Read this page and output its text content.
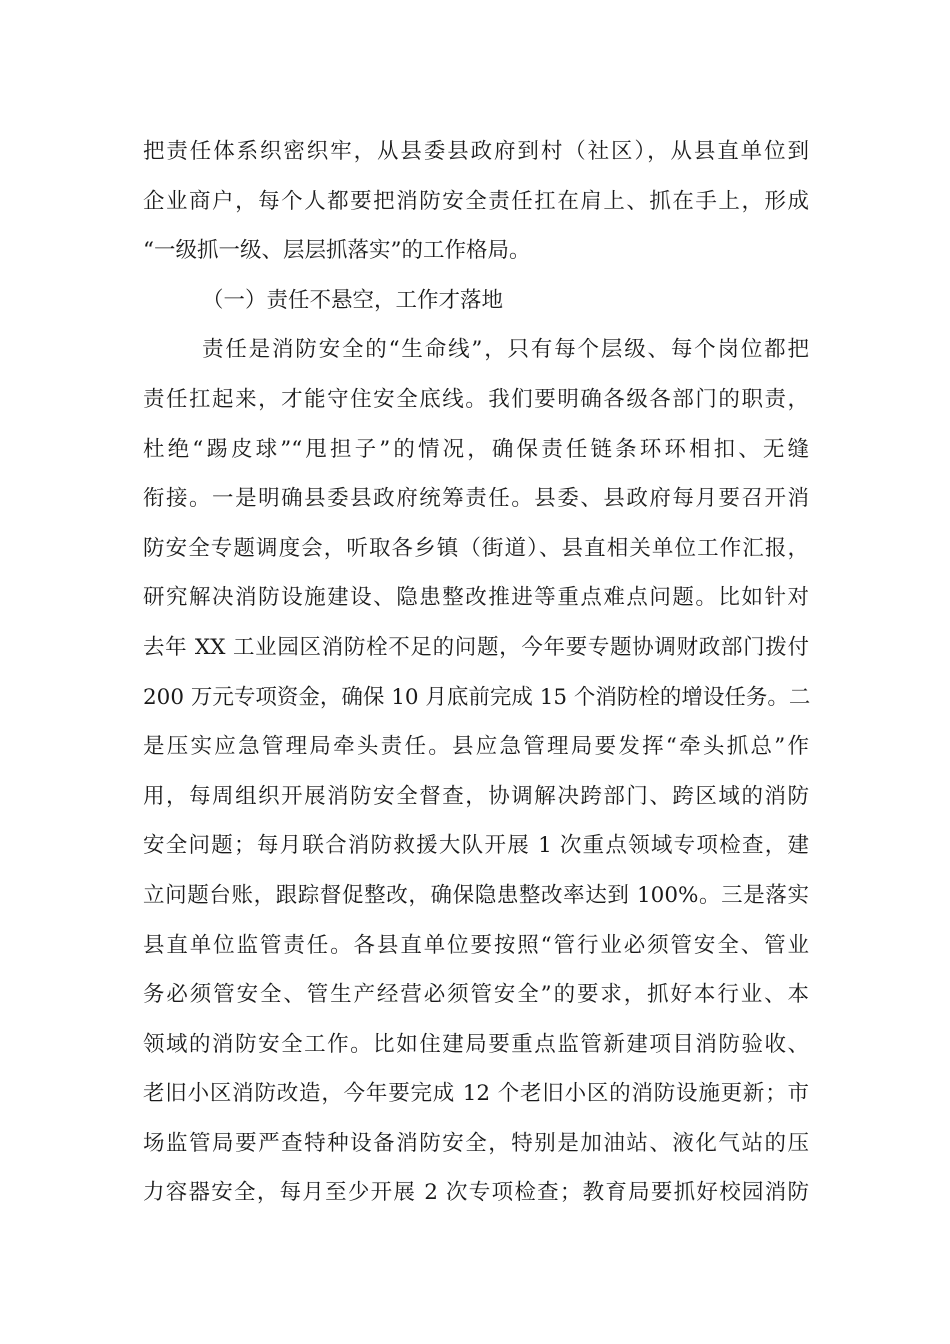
把责任体系织密织牢，从县委县政府到村（社区），从县直单位到
企业商户，每个人都要把消防安全责任扛在肩上、抓在手上，形成
“一级抓一级、层层抓落实”的工作格局。
（一）责任不悬空，工作才落地
责任是消防安全的“生命线”，只有每个层级、每个岗位都把
责任扛起来，才能守住安全底线。我们要明确各级各部门的职责，
杜绝“踢皮球”“甩担子”的情况，确保责任链条环环相扣、无缝
衔接。一是明确县委县政府统筹责任。县委、县政府每月要召开消
防安全专题调度会，听取各乡镇（街道）、县直相关单位工作汇报，
研究解决消防设施建设、隐患整改推进等重点难点问题。比如针对
去年 XX 工业园区消防栓不足的问题，今年要专题协调财政部门拨付
200 万元专项资金，确保 10 月底前完成 15 个消防栓的增设任务。二
是压实应急管理局牵头责任。县应急管理局要发挥“牵头抓总”作
用，每周组织开展消防安全督查，协调解决跨部门、跨区域的消防
安全问题；每月联合消防救援大队开展 1 次重点领域专项检查，建
立问题台账，跟踪督促整改，确保隐患整改率达到 100%。三是落实
县直单位监管责任。各县直单位要按照“管行业必须管安全、管业
务必须管安全、管生产经营必须管安全”的要求，抓好本行业、本
领域的消防安全工作。比如住建局要重点监管新建项目消防验收、
老旧小区消防改造，今年要完成 12 个老旧小区的消防设施更新；市
场监管局要严查特种设备消防安全，特别是加油站、液化气站的压
力容器安全，每月至少开展 2 次专项检查；教育局要抓好校园消防
